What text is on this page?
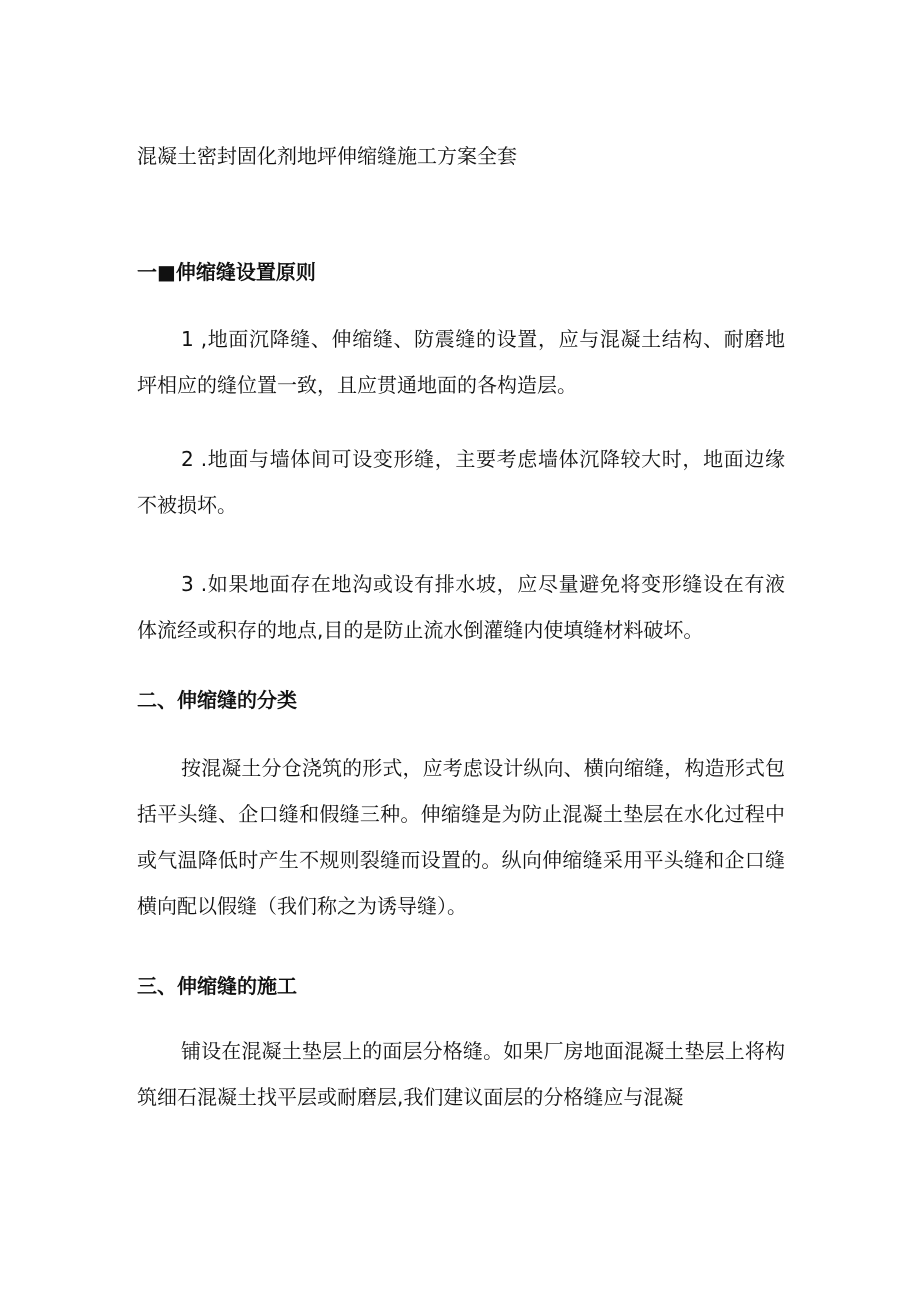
混凝土密封固化剂地坪伸缩缝施工方案全套
一■伸缩缝设置原则

1 ,地面沉降缝、伸缩缝、防震缝的设置，应与混凝土结构、耐磨地坪相应的缝位置一致，且应贯通地面的各构造层。

2 .地面与墙体间可设变形缝，主要考虑墙体沉降较大时，地面边缘不被损坏。

3 .如果地面存在地沟或设有排水坡，应尽量避免将变形缝设在有液体流经或积存的地点,目的是防止流水倒灌缝内使填缝材料破坏。

二、伸缩缝的分类

按混凝土分仓浇筑的形式，应考虑设计纵向、横向缩缝，构造形式包括平头缝、企口缝和假缝三种。伸缩缝是为防止混凝土垫层在水化过程中或气温降低时产生不规则裂缝而设置的。纵向伸缩缝采用平头缝和企口缝横向配以假缝（我们称之为诱导缝）。

三、伸缩缝的施工

铺设在混凝土垫层上的面层分格缝。如果厂房地面混凝土垫层上将构筑细石混凝土找平层或耐磨层,我们建议面层的分格缝应与混凝
